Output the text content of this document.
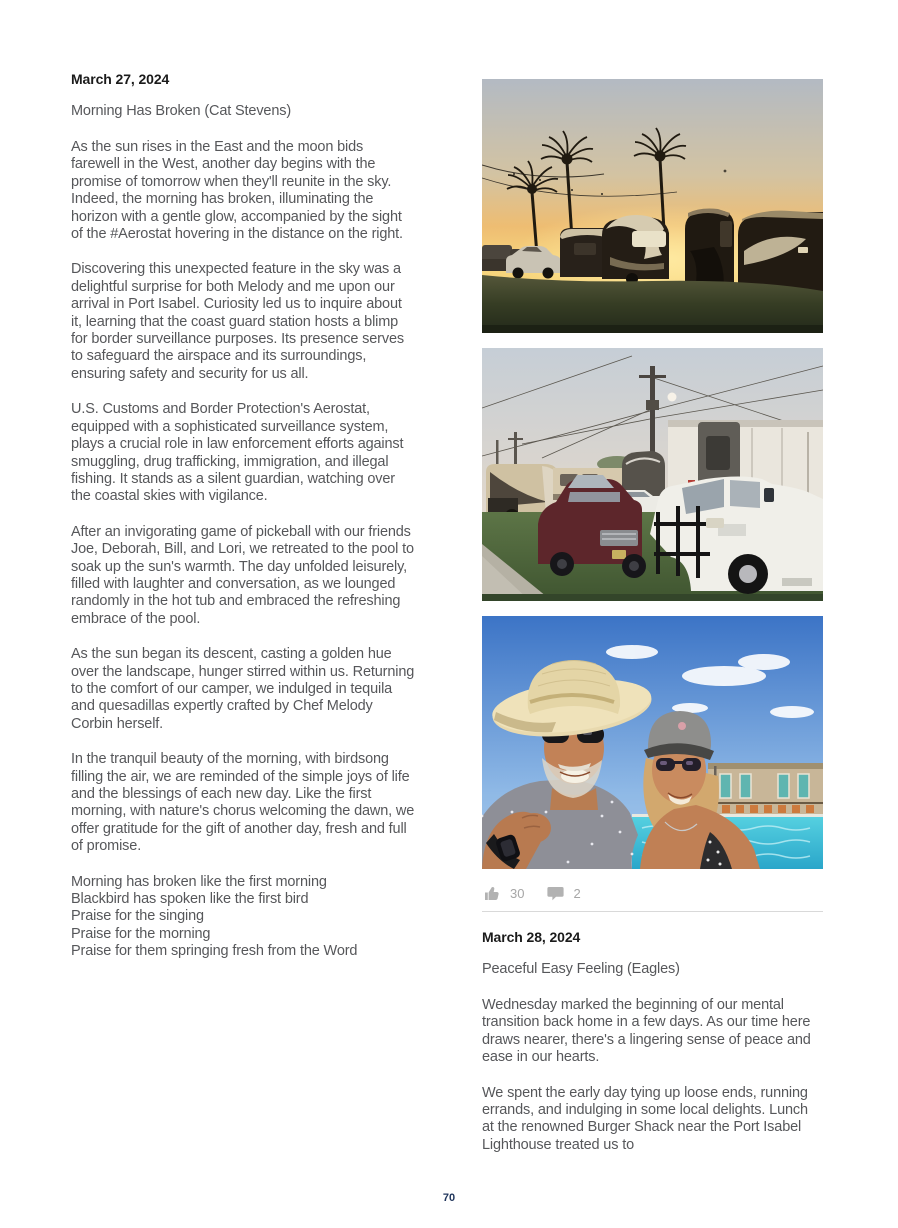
March 27, 2024

Morning Has Broken (Cat Stevens)

As the sun rises in the East and the moon bids farewell in the West, another day begins with the promise of tomorrow when they'll reunite in the sky. Indeed, the morning has broken, illuminating the horizon with a gentle glow, accompanied by the sight of the #Aerostat hovering in the distance on the right.

Discovering this unexpected feature in the sky was a delightful surprise for both Melody and me upon our arrival in Port Isabel. Curiosity led us to inquire about it, learning that the coast guard station hosts a blimp for border surveillance purposes. Its presence serves to safeguard the airspace and its surroundings, ensuring safety and security for us all.

U.S. Customs and Border Protection's Aerostat, equipped with a sophisticated surveillance system, plays a crucial role in law enforcement efforts against smuggling, drug trafficking, immigration, and illegal fishing. It stands as a silent guardian, watching over the coastal skies with vigilance.

After an invigorating game of pickeball with our friends Joe, Deborah, Bill, and Lori, we retreated to the pool to soak up the sun's warmth. The day unfolded leisurely, filled with laughter and conversation, as we lounged randomly in the hot tub and embraced the refreshing embrace of the pool.

As the sun began its descent, casting a golden hue over the landscape, hunger stirred within us. Returning to the comfort of our camper, we indulged in tequila and quesadillas expertly crafted by Chef Melody Corbin herself.

In the tranquil beauty of the morning, with birdsong filling the air, we are reminded of the simple joys of life and the blessings of each new day. Like the first morning, with nature's chorus welcoming the dawn, we offer gratitude for the gift of another day, fresh and full of promise.

Morning has broken like the first morning
Blackbird has spoken like the first bird
Praise for the singing
Praise for the morning
Praise for them springing fresh from the Word
30	2
March 28, 2024

Peaceful Easy Feeling (Eagles)

Wednesday marked the beginning of our mental transition back home in a few days. As our time here draws nearer, there's a lingering sense of peace and ease in our hearts.

We spent the early day tying up loose ends, running errands, and indulging in some local delights. Lunch at the renowned Burger Shack near the Port Isabel Lighthouse treated us to

70
